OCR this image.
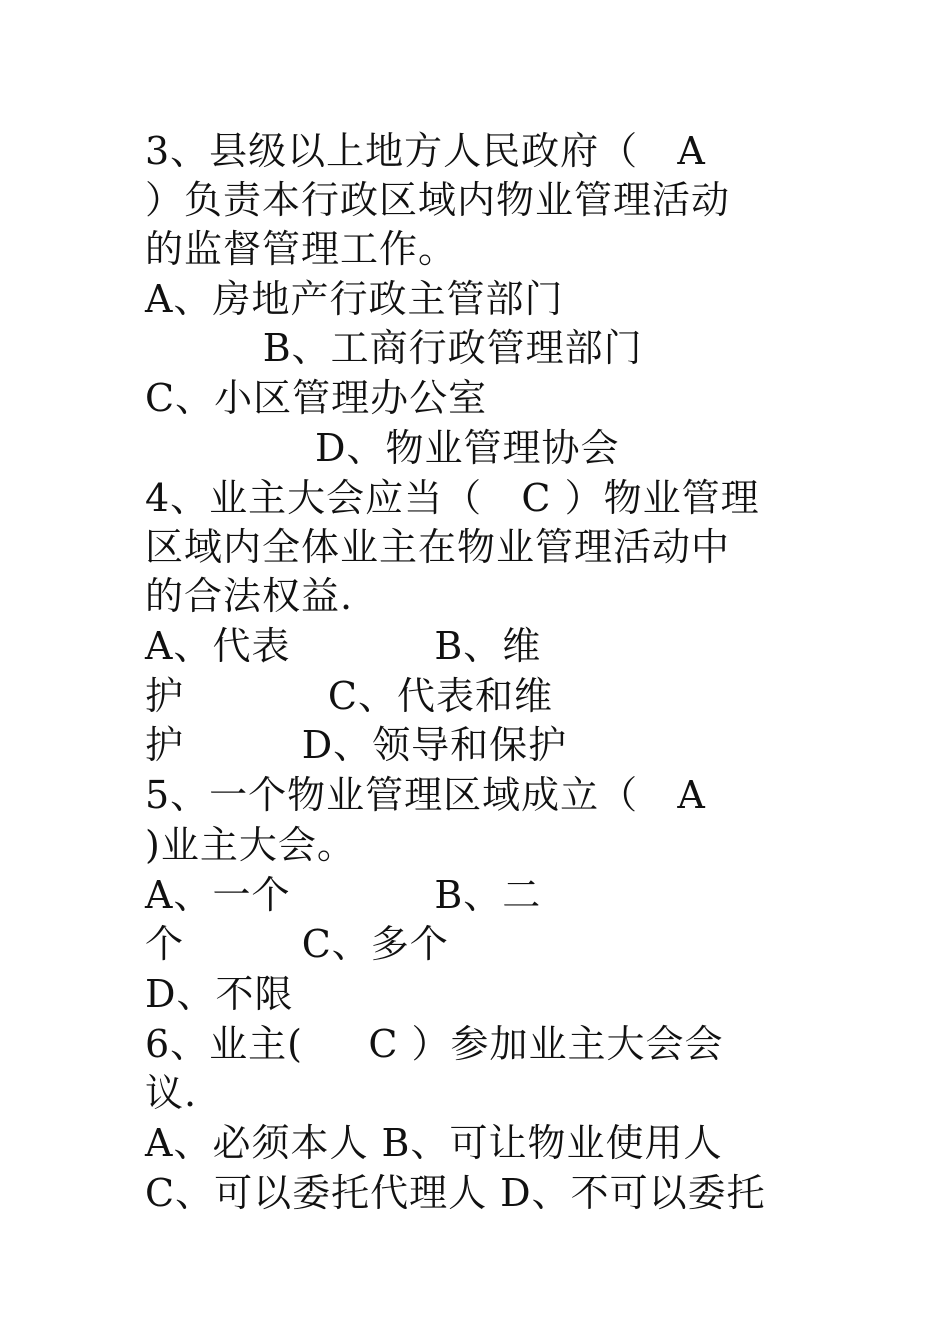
3、县级以上地方人民政府（   A
）负责本行政区域内物业管理活动
的监督管理工作。
A、房地产行政主管部门
B、工商行政管理部门
C、小区管理办公室
D、物业管理协会
4、业主大会应当（   C ）物业管理
区域内全体业主在物业管理活动中
的合法权益.
A、代表           B、维
护           C、代表和维
护         D、领导和保护
5、一个物业管理区域成立（   A
)业主大会。
A、一个           B、二
个         C、多个
D、不限
6、业主(     C ）参加业主大会会
议.
A、必须本人 B、可让物业使用人
C、可以委托代理人 D、不可以委托
